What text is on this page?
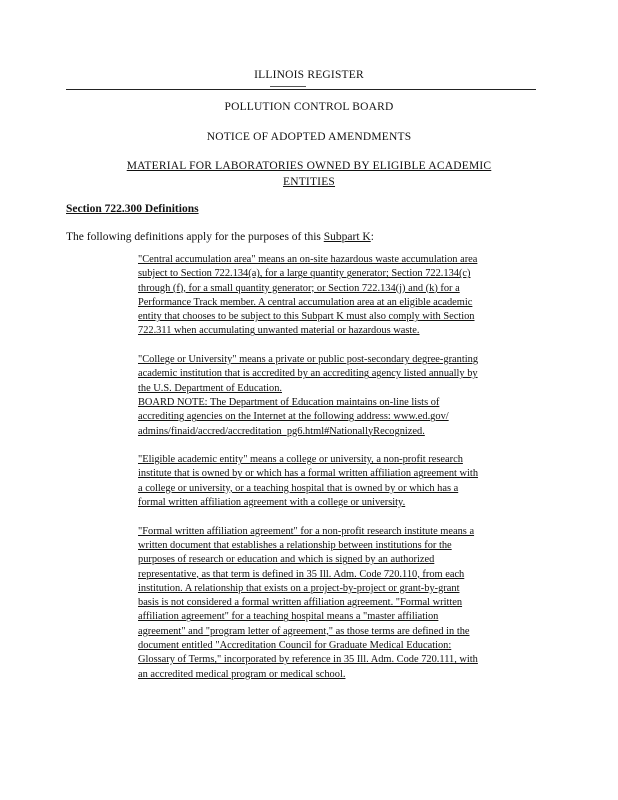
ILLINOIS REGISTER
POLLUTION CONTROL BOARD
NOTICE OF ADOPTED AMENDMENTS
MATERIAL FOR LABORATORIES OWNED BY ELIGIBLE ACADEMIC
ENTITIES
Section 722.300 Definitions
The following definitions apply for the purposes of this Subpart K:
"Central accumulation area" means an on-site hazardous waste accumulation area
subject to Section 722.134(a), for a large quantity generator; Section 722.134(c)
through (f), for a small quantity generator; or Section 722.134(j) and (k) for a
Performance Track member. A central accumulation area at an eligible academic
entity that chooses to be subject to this Subpart K must also comply with Section
722.311 when accumulating unwanted material or hazardous waste.
"College or University" means a private or public post-secondary degree-granting
academic institution that is accredited by an accrediting agency listed annually by
the U.S. Department of Education.
BOARD NOTE: The Department of Education maintains on-line lists of
accrediting agencies on the Internet at the following address: www.ed.gov/
admins/finaid/accred/accreditation_pg6.html#NationallyRecognized.
"Eligible academic entity" means a college or university, a non-profit research
institute that is owned by or which has a formal written affiliation agreement with
a college or university, or a teaching hospital that is owned by or which has a
formal written affiliation agreement with a college or university.
"Formal written affiliation agreement" for a non-profit research institute means a
written document that establishes a relationship between institutions for the
purposes of research or education and which is signed by an authorized
representative, as that term is defined in 35 Ill. Adm. Code 720.110, from each
institution. A relationship that exists on a project-by-project or grant-by-grant
basis is not considered a formal written affiliation agreement. "Formal written
affiliation agreement" for a teaching hospital means a "master affiliation
agreement" and "program letter of agreement," as those terms are defined in the
document entitled "Accreditation Council for Graduate Medical Education:
Glossary of Terms," incorporated by reference in 35 Ill. Adm. Code 720.111, with
an accredited medical program or medical school.
